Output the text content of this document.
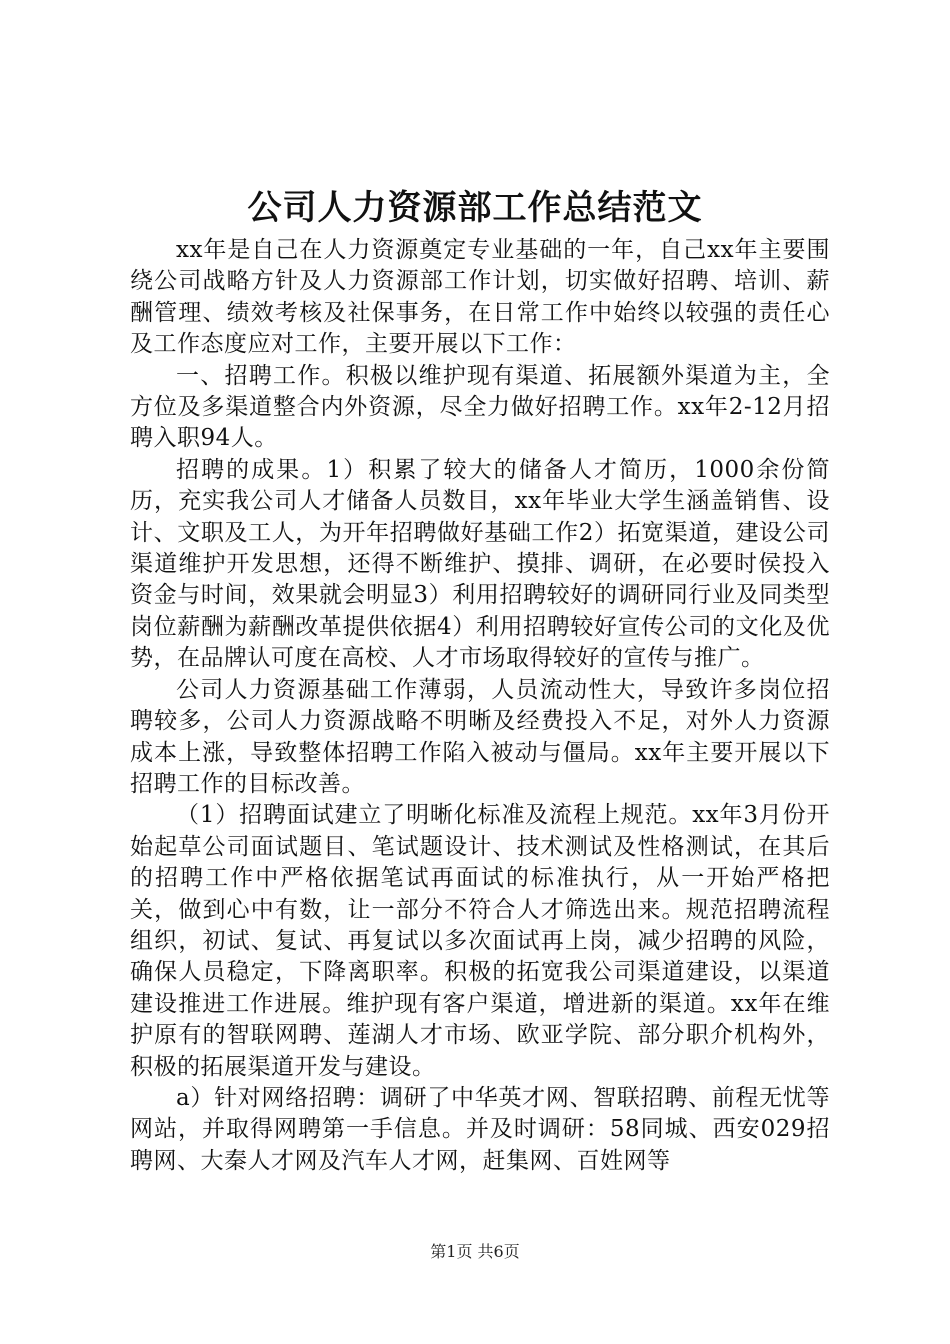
公司人力资源部工作总结范文

xx年是自己在人力资源奠定专业基础的一年，自己xx年主要围绕公司战略方针及人力资源部工作计划，切实做好招聘、培训、薪酬管理、绩效考核及社保事务，在日常工作中始终以较强的责任心及工作态度应对工作，主要开展以下工作：

一、招聘工作。积极以维护现有渠道、拓展额外渠道为主，全方位及多渠道整合内外资源，尽全力做好招聘工作。xx年2-12月招聘入职94人。

招聘的成果。1）积累了较大的储备人才简历，1000余份简历，充实我公司人才储备人员数目，xx年毕业大学生涵盖销售、设计、文职及工人，为开年招聘做好基础工作2）拓宽渠道，建设公司渠道维护开发思想，还得不断维护、摸排、调研，在必要时侯投入资金与时间，效果就会明显3）利用招聘较好的调研同行业及同类型岗位薪酬为薪酬改革提供依据4）利用招聘较好宣传公司的文化及优势，在品牌认可度在高校、人才市场取得较好的宣传与推广。

公司人力资源基础工作薄弱，人员流动性大，导致许多岗位招聘较多，公司人力资源战略不明晰及经费投入不足，对外人力资源成本上涨，导致整体招聘工作陷入被动与僵局。xx年主要开展以下招聘工作的目标改善。

（1）招聘面试建立了明晰化标准及流程上规范。xx年3月份开始起草公司面试题目、笔试题设计、技术测试及性格测试，在其后的招聘工作中严格依据笔试再面试的标准执行，从一开始严格把关，做到心中有数，让一部分不符合人才筛选出来。规范招聘流程组织，初试、复试、再复试以多次面试再上岗，减少招聘的风险，确保人员稳定，下降离职率。积极的拓宽我公司渠道建设，以渠道建设推进工作进展。维护现有客户渠道，增进新的渠道。xx年在维护原有的智联网聘、莲湖人才市场、欧亚学院、部分职介机构外，积极的拓展渠道开发与建设。

a）针对网络招聘：调研了中华英才网、智联招聘、前程无忧等网站，并取得网聘第一手信息。并及时调研：58同城、西安029招聘网、大秦人才网及汽车人才网，赶集网、百姓网等

第1页 共6页
